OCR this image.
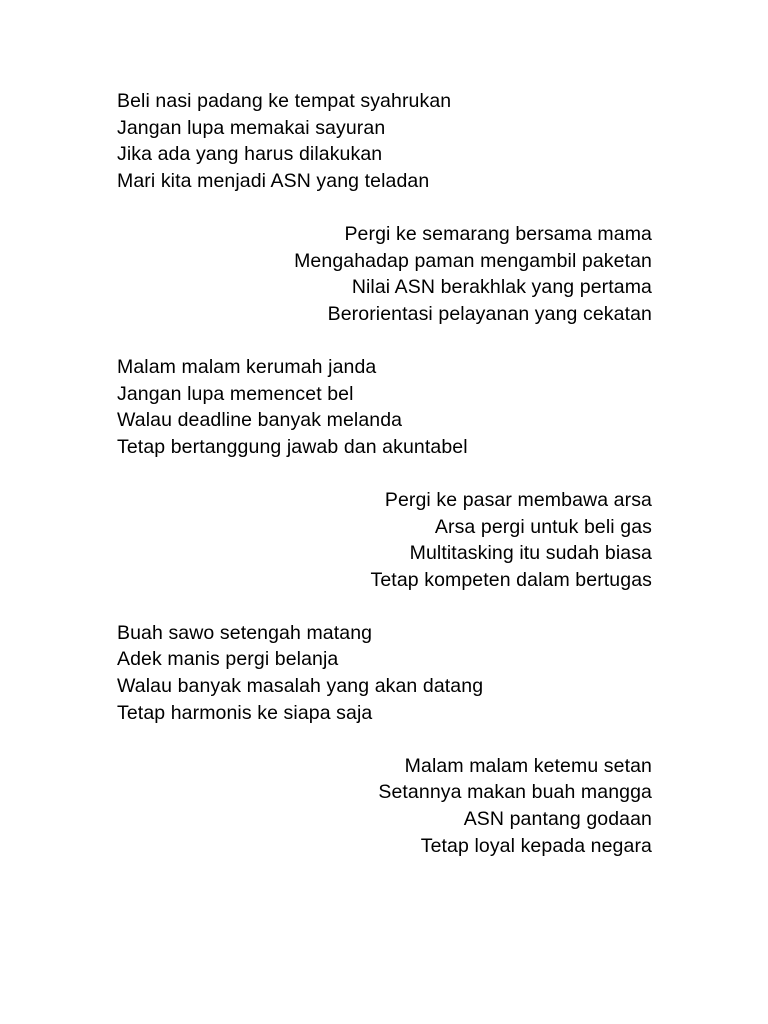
Beli nasi padang ke tempat syahrukan
Jangan lupa memakai sayuran
Jika ada yang harus dilakukan
Mari kita menjadi ASN yang teladan
Pergi ke semarang bersama mama
Mengahadap paman mengambil paketan
Nilai ASN berakhlak yang pertama
Berorientasi pelayanan yang cekatan
Malam malam kerumah janda
Jangan lupa memencet bel
Walau deadline banyak melanda
Tetap bertanggung jawab dan akuntabel
Pergi ke pasar membawa arsa
Arsa pergi untuk beli gas
Multitasking itu sudah biasa
Tetap kompeten dalam bertugas
Buah sawo setengah matang
Adek manis pergi belanja
Walau banyak masalah yang akan datang
Tetap harmonis ke siapa saja
Malam malam ketemu setan
Setannya makan buah mangga
ASN pantang godaan
Tetap loyal kepada negara
